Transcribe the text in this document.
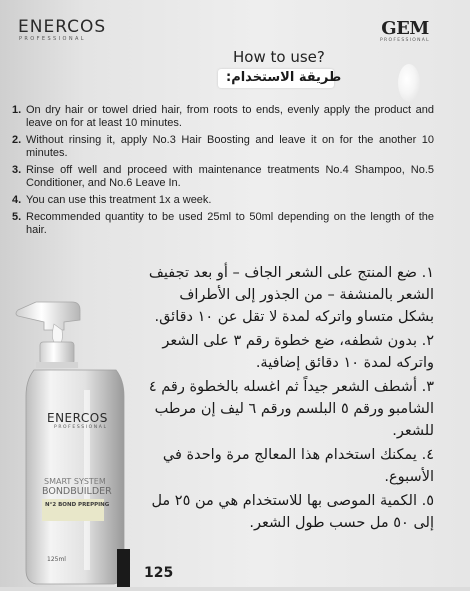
ENERCOS
PROFESSIONAL	GEM
PROFESSIONAL
How to use?
طريقة الاستخدام:
1. On dry hair or towel dried hair, from roots to ends, evenly apply the product and leave on for at least 10 minutes.
2. Without rinsing it, apply No.3 Hair Boosting and leave it on for the another 10 minutes.
3. Rinse off well and proceed with maintenance treatments No.4 Shampoo, No.5 Conditioner, and No.6 Leave In.
4. You can use this treatment 1x a week.
5. Recommended quantity to be used 25ml to 50ml depending on the length of the hair.
١. ضع المنتج على الشعر الجاف – أو بعد تجفيف الشعر بالمنشفة – من الجذور إلى الأطراف بشكل متساو واتركه لمدة لا تقل عن ١٠ دقائق.
٢. بدون شطفه، ضع خطوة رقم ٣ على الشعر واتركه لمدة ١٠ دقائق إضافية.
٣. أشطف الشعر جيداً ثم اغسله بالخطوة رقم ٤ الشامبو ورقم ٥ البلسم ورقم ٦ ليف إن مرطب للشعر.
٤. يمكنك استخدام هذا المعالج مرة واحدة في الأسبوع.
٥. الكمية الموصى بها للاستخدام هي من ٢٥ مل إلى ٥٠ مل حسب طول الشعر.
ENERCOS
PROFESSIONAL
SMART SYSTEM
BONDBUILDER
N°2 BOND PREPPING
125ml
125
